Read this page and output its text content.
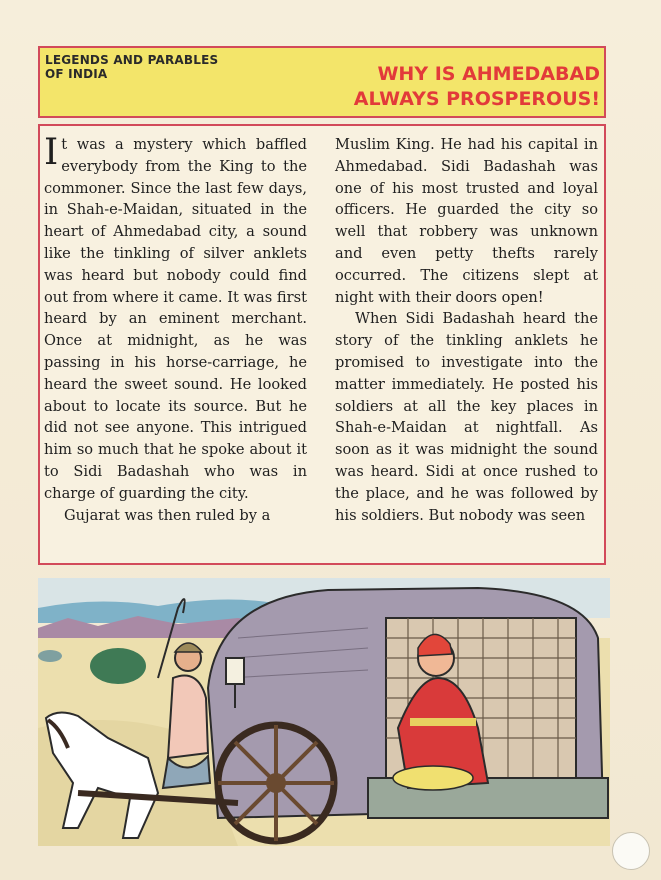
LEGENDS AND PARABLES
OF INDIA	WHY IS AHMEDABAD
ALWAYS PROSPEROUS!

It was a mystery which baffled everybody from the King to the commoner. Since the last few days, in Shah-e-Maidan, situated in the heart of Ahmedabad city, a sound like the tinkling of silver anklets was heard but nobody could find out from where it came. It was first heard by an eminent merchant. Once at midnight, as he was passing in his horse-carriage, he heard the sweet sound. He looked about to locate its source. But he did not see anyone. This intrigued him so much that he spoke about it to Sidi Badashah who was in charge of guarding the city.

Gujarat was then ruled by a

Muslim King. He had his capital in Ahmedabad. Sidi Badashah was one of his most trusted and loyal officers. He guarded the city so well that robbery was unknown and even petty thefts rarely occurred. The citizens slept at night with their doors open!

When Sidi Badashah heard the story of the tinkling anklets he promised to investigate into the matter immediately. He posted his soldiers at all the key places in Shah-e-Maidan at nightfall. As soon as it was midnight the sound was heard. Sidi at once rushed to the place, and he was followed by his soldiers. But nobody was seen
